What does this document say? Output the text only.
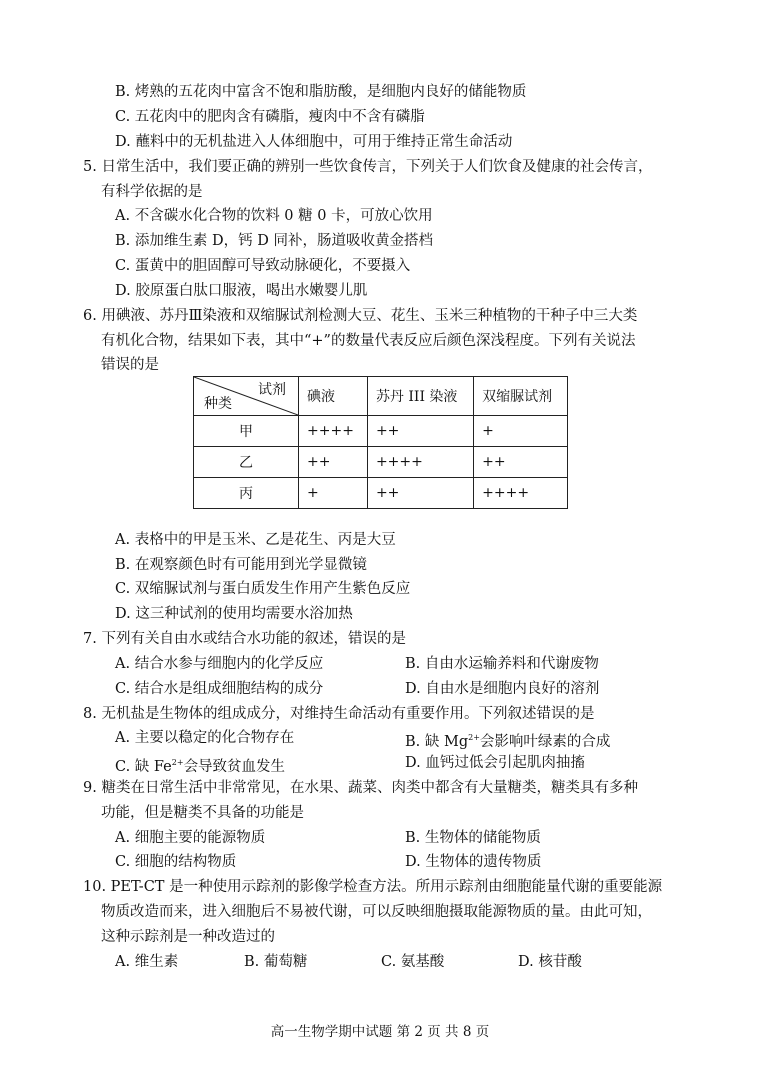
B. 烤熟的五花肉中富含不饱和脂肪酸，是细胞内良好的储能物质
C. 五花肉中的肥肉含有磷脂，瘦肉中不含有磷脂
D. 蘸料中的无机盐进入人体细胞中，可用于维持正常生命活动
5. 日常生活中，我们要正确的辨别一些饮食传言，下列关于人们饮食及健康的社会传言，
有科学依据的是
A. 不含碳水化合物的饮料 0 糖 0 卡，可放心饮用
B. 添加维生素 D，钙 D 同补，肠道吸收黄金搭档
C. 蛋黄中的胆固醇可导致动脉硬化，不要摄入
D. 胶原蛋白肽口服液，喝出水嫩婴儿肌
6. 用碘液、苏丹Ⅲ染液和双缩脲试剂检测大豆、花生、玉米三种植物的干种子中三大类
有机化合物，结果如下表，其中“+”的数量代表反应后颜色深浅程度。下列有关说法
错误的是
试剂
种类	碘液	苏丹 III 染液	双缩脲试剂
甲	++++	++	+
乙	++	++++	++
丙	+	++	++++
A. 表格中的甲是玉米、乙是花生、丙是大豆
B. 在观察颜色时有可能用到光学显微镜
C. 双缩脲试剂与蛋白质发生作用产生紫色反应
D. 这三种试剂的使用均需要水浴加热
7. 下列有关自由水或结合水功能的叙述，错误的是
A. 结合水参与细胞内的化学反应	B. 自由水运输养料和代谢废物
C. 结合水是组成细胞结构的成分	D. 自由水是细胞内良好的溶剂
8. 无机盐是生物体的组成成分，对维持生命活动有重要作用。下列叙述错误的是
A. 主要以稳定的化合物存在	B. 缺 $Mg^{2+}$会影响叶绿素的合成
C. 缺 $Fe^{2+}$会导致贫血发生	D. 血钙过低会引起肌肉抽搐
9. 糖类在日常生活中非常常见，在水果、蔬菜、肉类中都含有大量糖类，糖类具有多种
功能，但是糖类不具备的功能是
A. 细胞主要的能源物质	B. 生物体的储能物质
C. 细胞的结构物质	D. 生物体的遗传物质
10. PET-CT 是一种使用示踪剂的影像学检查方法。所用示踪剂由细胞能量代谢的重要能源
物质改造而来，进入细胞后不易被代谢，可以反映细胞摄取能源物质的量。由此可知，
这种示踪剂是一种改造过的
A. 维生素	B. 葡萄糖	C. 氨基酸	D. 核苷酸
高一生物学期中试题 第 2 页 共 8 页
